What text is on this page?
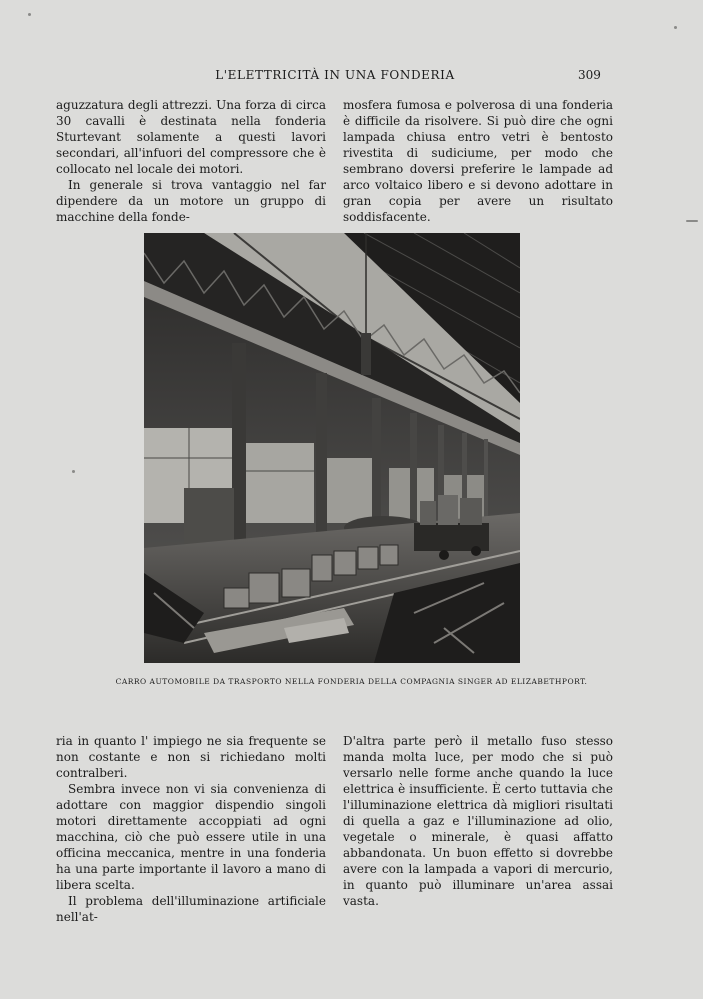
L'ELETTRICITÀ IN UNA FONDERIA	309

aguzzatura degli attrezzi. Una forza di circa 30 cavalli è destinata nella fonderia Sturtevant solamente a questi lavori secondari, all'infuori del compressore che è collocato nel locale dei motori.

In generale si trova vantaggio nel far dipendere da un motore un gruppo di macchine della fonde-

mosfera fumosa e polverosa di una fonderia è difficile da risolvere. Si può dire che ogni lampada chiusa entro vetri è bentosto rivestita di sudiciume, per modo che sembrano doversi preferire le lampade ad arco voltaico libero e si devono adottare in gran copia per avere un risultato soddisfacente.

CARRO AUTOMOBILE DA TRASPORTO NELLA FONDERIA DELLA COMPAGNIA SINGER AD ELIZABETHPORT.

ria in quanto l' impiego ne sia frequente se non costante e non si richiedano molti contralberi.

Sembra invece non vi sia convenienza di adottare con maggior dispendio singoli motori direttamente accoppiati ad ogni macchina, ciò che può essere utile in una officina meccanica, mentre in una fonderia ha una parte importante il lavoro a mano di libera scelta.

Il problema dell'illuminazione artificiale nell'at-

D'altra parte però il metallo fuso stesso manda molta luce, per modo che si può versarlo nelle forme anche quando la luce elettrica è insufficiente. È certo tuttavia che l'illuminazione elettrica dà migliori risultati di quella a gaz e l'illuminazione ad olio, vegetale o minerale, è quasi affatto abbandonata. Un buon effetto si dovrebbe avere con la lampada a vapori di mercurio, in quanto può illuminare un'area assai vasta.
